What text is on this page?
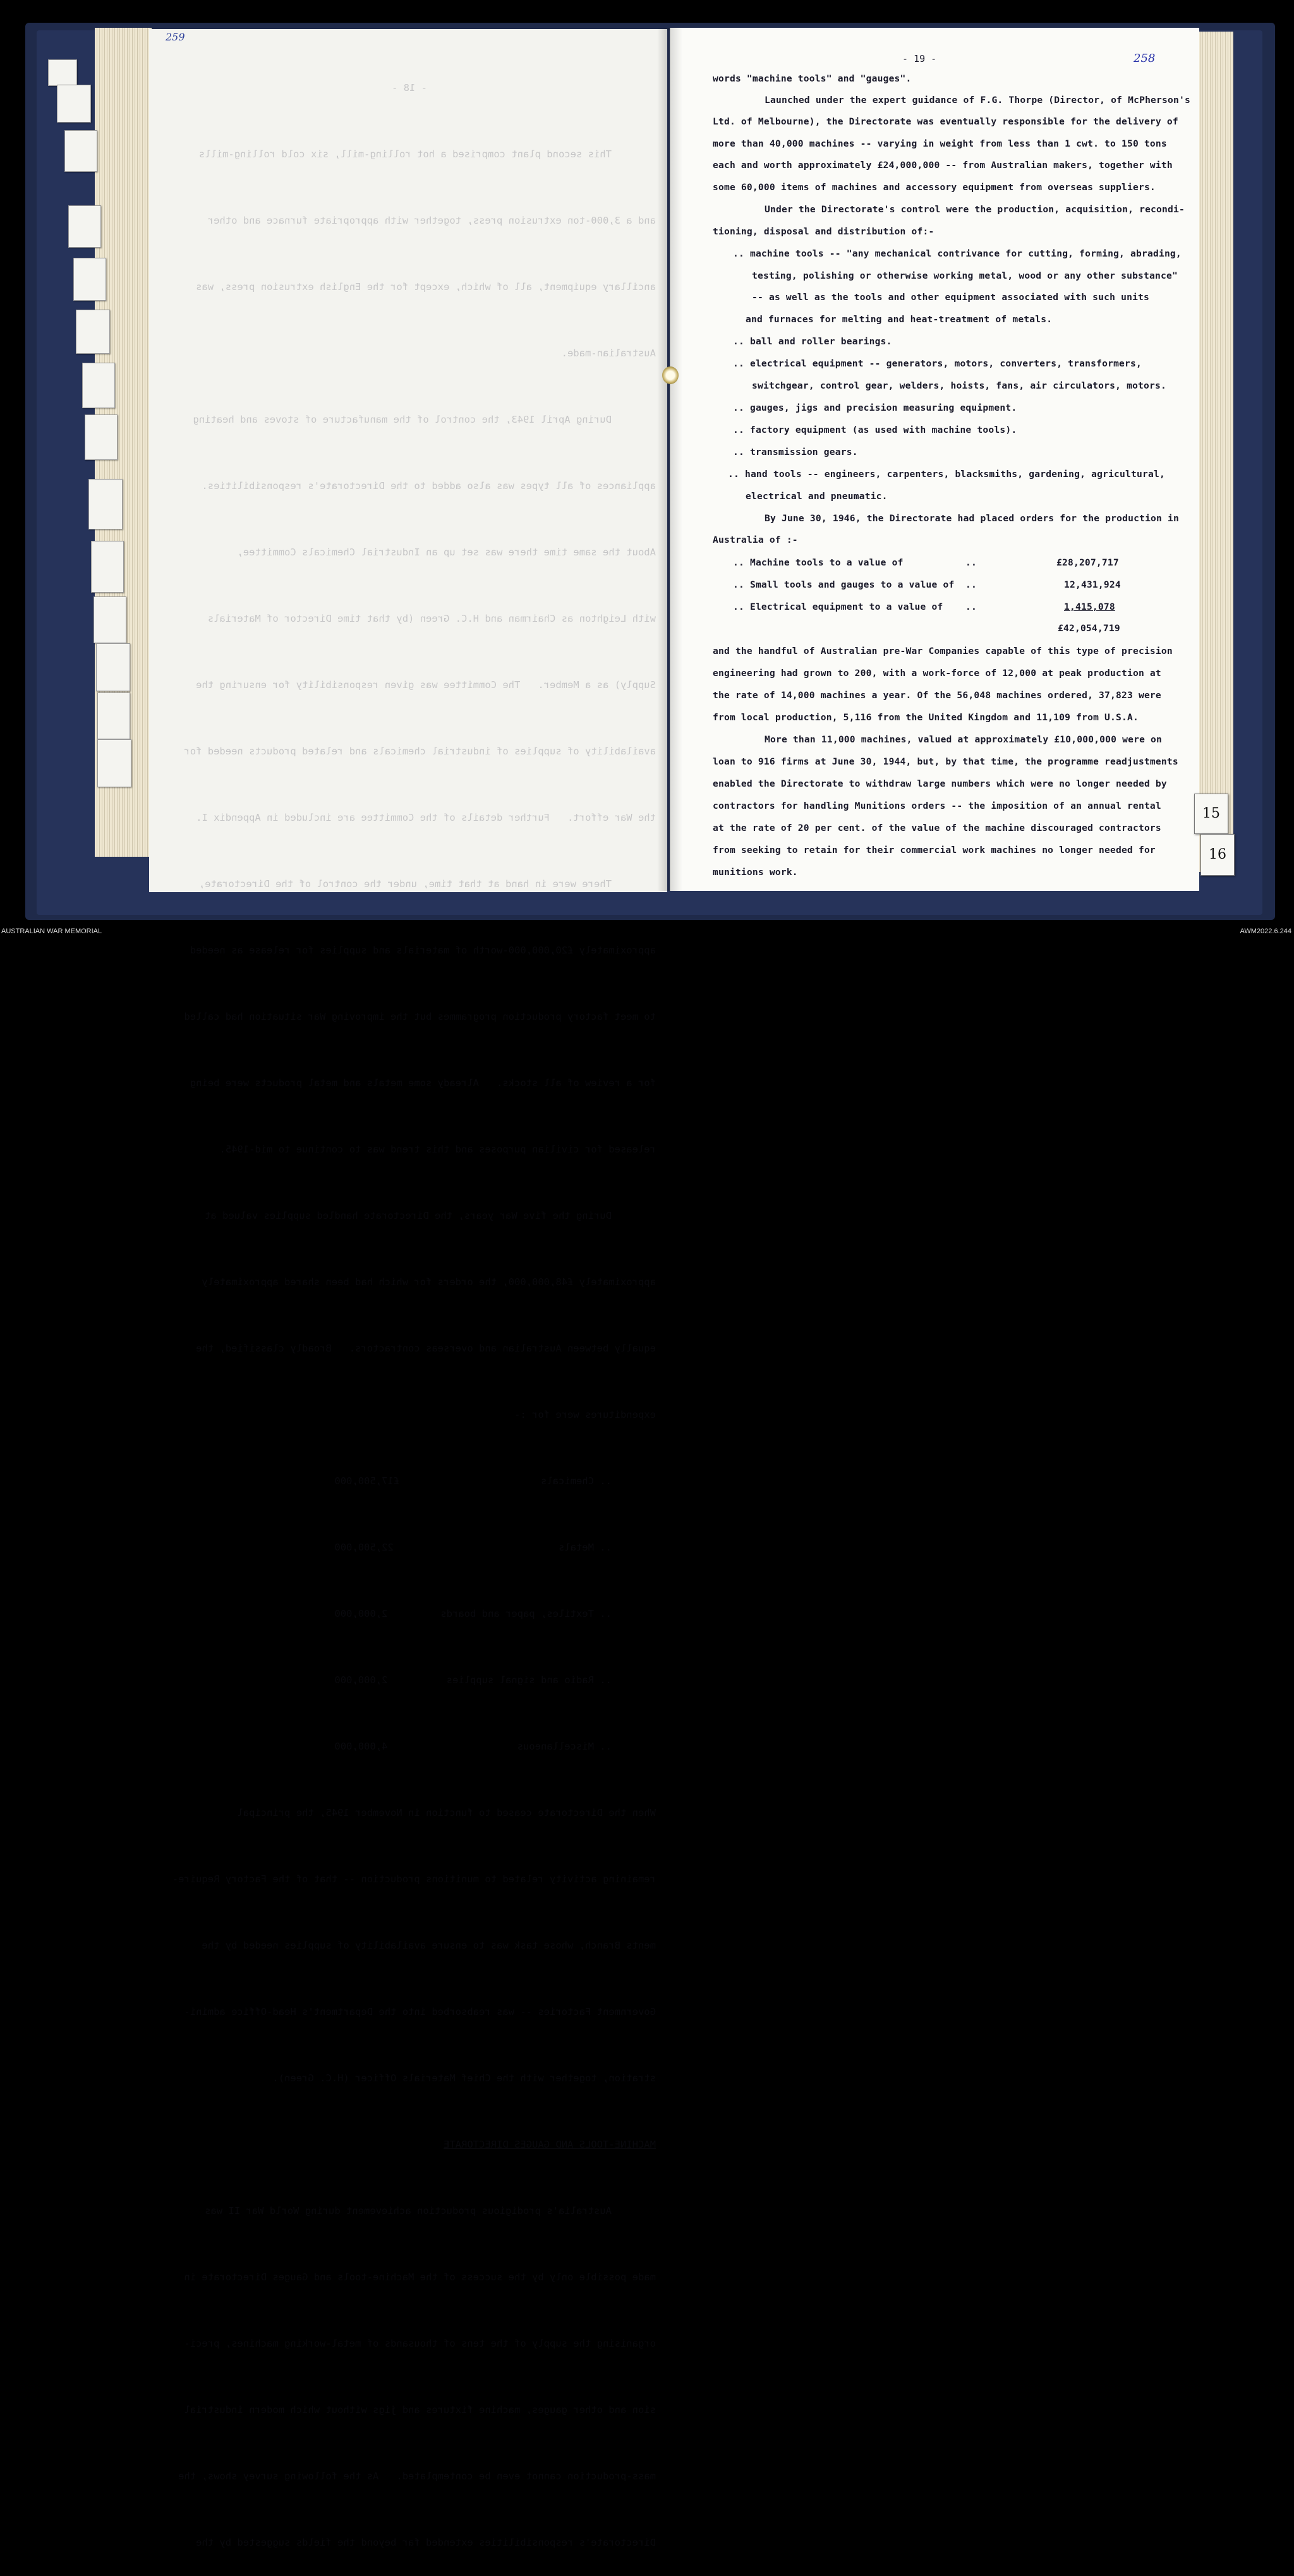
259

- 18 -

This second plant comprised a hot rolling-mill, six cold rolling-mills

and a 3,000-ton extrusion press, together with appropriate furnace and other

ancillary equipment, all of which, except for the English extrusion press, was

Australian-made.

During April 1943, the control of the manufacture of stoves and heating

appliances of all types was also added to the Directorate's responsibilities.

About the same time there was set up an Industrial Chemicals Committee,

with Leighton as Chairman and H.C. Green (by that time Director of Materials

Supply) as a Member.   The Committee was given responsibility for ensuring the

availability of supplies of industrial chemicals and related products needed for

the War effort.   Further details of the Committee are included in Appendix I.

There were in hand at that time, under the control of the Directorate,

approximately £20,000,000-worth of materials and supplies for release as needed

to meet factory production programmes but the improving War situation had called

for a review of all stocks.   Already some metals and metal products were being

released for civilian purposes and this trend was to continue to mid-1945.

During the five War years, the Directorate handled supplies valued at

approximately £48,000,000, the orders for which had been shared approximately

equally between Australian and overseas contractors.   Broadly classified, the

expenditures were for :-

.. Chemicals                        £17,500,000

.. Metals                            22,500,000

.. Textiles, paper and boards         2,000,000

.. Radio and signal supplies          2,000,000

.. Miscellaneous                      4,000,000

When the Directorate ceased to function in November 1945, the principal

remaining activity related to munitions production -- that of the Factory Require-

ments Branch, whose task was to ensure availability of supplies needed by the

Government Factories -- was reabsorbed into the Department's Head-Office admini-

stration, together with the Chief Materials Officer (H.C. Green).

MACHINE-TOOLS AND GAUGES DIRECTORATE

Australia's prodigious production achievement during World War II was

made possible only by the success of the Machine-tools and Gauges Directorate in

organising the supply of the tens of thousands of metal-working machines, preci-

sion and other gauges, machine fixtures and jigs without which modern industrial

mass-production cannot even be contemplated.   As the following survey shows, the

Directorate's responsibilities extended far beyond the fields suggested by the

- 19 -	258
words "machine tools" and "gauges".
Launched under the expert guidance of F.G. Thorpe (Director, of McPherson's
Ltd. of Melbourne), the Directorate was eventually responsible for the delivery of
more than 40,000 machines -- varying in weight from less than 1 cwt. to 150 tons
each and worth approximately £24,000,000 -- from Australian makers, together with
some 60,000 items of machines and accessory equipment from overseas suppliers.
Under the Directorate's control were the production, acquisition, recondi-
tioning, disposal and distribution of:-
.. machine tools -- "any mechanical contrivance for cutting, forming, abrading,
testing, polishing or otherwise working metal, wood or any other substance"
-- as well as the tools and other equipment associated with such units
and furnaces for melting and heat-treatment of metals.
.. ball and roller bearings.
.. electrical equipment -- generators, motors, converters, transformers,
switchgear, control gear, welders, hoists, fans, air circulators, motors.
.. gauges, jigs and precision measuring equipment.
.. factory equipment (as used with machine tools).
.. transmission gears.
.. hand tools -- engineers, carpenters, blacksmiths, gardening, agricultural,
electrical and pneumatic.
By June 30, 1946, the Directorate had placed orders for the production in
Australia of :-
.. Machine tools to a value of	..	£28,207,717
.. Small tools and gauges to a value of ..	12,431,924
.. Electrical equipment to a value of ..	1,415,078
£42,054,719
and the handful of Australian pre-War Companies capable of this type of precision
engineering had grown to 200, with a work-force of 12,000 at peak production at
the rate of 14,000 machines a year. Of the 56,048 machines ordered, 37,823 were
from local production, 5,116 from the United Kingdom and 11,109 from U.S.A.
More than 11,000 machines, valued at approximately £10,000,000 were on
loan to 916 firms at June 30, 1944, but, by that time, the programme readjustments
enabled the Directorate to withdraw large numbers which were no longer needed by
contractors for handling Munitions orders -- the imposition of an annual rental
at the rate of 20 per cent. of the value of the machine discouraged contractors
from seeking to retain for their commercial work machines no longer needed for
munitions work.
15
16
AUSTRALIAN WAR MEMORIAL	AWM2022.6.244
